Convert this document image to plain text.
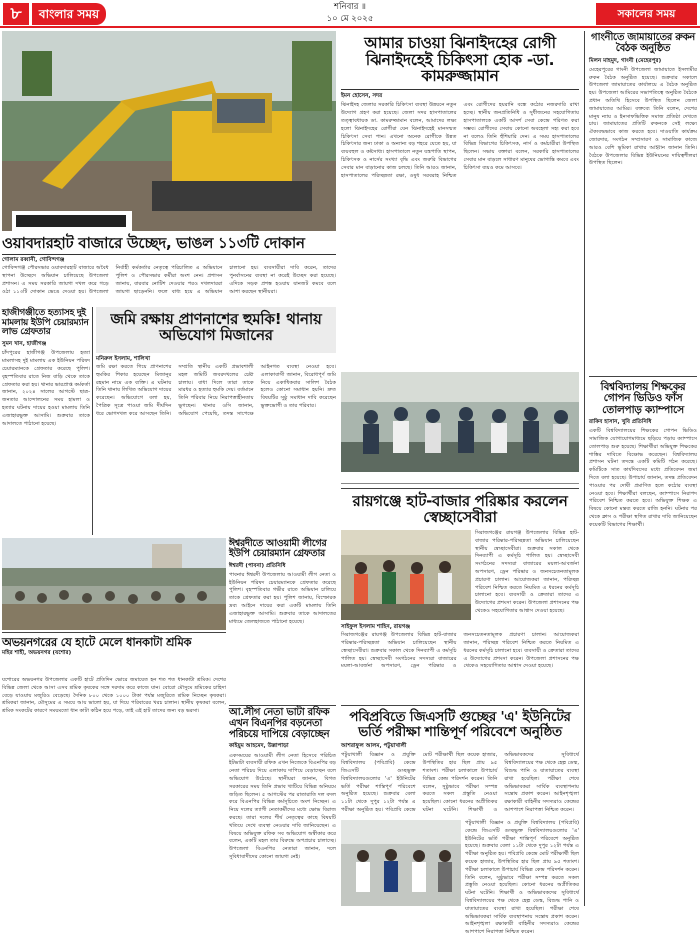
৮	বাংলার সময়	শনিবার ॥
১০ মে ২০২৫	সকালের সময়
আমার চাওয়া ঝিনাইদহের রোগী ঝিনাইদহেই চিকিৎসা হোক -ডা. কামরুজ্জামান
ইমন হোসেন, সদর
ঝিনাইদহ জেলার সরকারি চিকিৎসা ব্যবস্থা উন্নয়নে নতুন উদ্যোগ গ্রহণ করা হয়েছে। জেলা সদর হাসপাতালের তত্ত্বাবধায়ক ডা. কামরুজ্জামান বলেন, আমাদের লক্ষ্য হলো ঝিনাইদহের রোগীরা যেন ঝিনাইদহেই মানসম্মত চিকিৎসা সেবা পান। এখনো অনেক রোগীকে উন্নত চিকিৎসার জন্য ঢাকা ও অন্যান্য বড় শহরে যেতে হয়, যা ব্যয়বহুল ও কষ্টসাধ্য। হাসপাতালে নতুন যন্ত্রপাতি স্থাপন, চিকিৎসক ও নার্সের সংখ্যা বৃদ্ধি এবং জরুরি বিভাগের সেবার মান বাড়ানোর কাজ চলছে। তিনি আরও জানান, হাসপাতালের পরিচ্ছন্নতা রক্ষা, ওষুধ সরবরাহ নিশ্চিত এবং রোগীদের হয়রানি বন্ধে কঠোর নজরদারি রাখা হচ্ছে। স্থানীয় জনপ্রতিনিধি ও সুধীজনের সহযোগিতায় হাসপাতালকে একটি আদর্শ সেবা কেন্দ্রে পরিণত করা সম্ভব। রোগীদের সেবায় কোনো অবহেলা সহ্য করা হবে না বলেও তিনি হুঁশিয়ারি দেন। এ সময় হাসপাতালের বিভিন্ন বিভাগের চিকিৎসক, নার্স ও কর্মচারীরা উপস্থিত ছিলেন। সভায় বক্তারা বলেন, সরকারি হাসপাতালের সেবার মান বাড়লে সাধারণ মানুষের ভোগান্তি কমবে এবং চিকিৎসা ব্যয়ও কমে আসবে।

গাংনীতে জামায়াতের রুকন বৈঠক অনুষ্ঠিত
মিলন মাহমুদ, গাংনী (মেহেরপুর)
মেহেরপুরের গাংনী উপজেলা জামায়াতে ইসলামীর রুকন বৈঠক অনুষ্ঠিত হয়েছে। শুক্রবার সকালে উপজেলা জামায়াতের কার্যালয়ে এ বৈঠক অনুষ্ঠিত হয়। উপজেলা আমিরের সভাপতিত্বে অনুষ্ঠিত বৈঠকে প্রধান অতিথি হিসেবে উপস্থিত ছিলেন জেলা জামায়াতের আমির। বক্তব্যে তিনি বলেন, দেশের মানুষ ন্যায় ও ইনসাফভিত্তিক সমাজ প্রতিষ্ঠা দেখতে চায়। জামায়াতের প্রতিটি রুকনকে সেই লক্ষ্যে ঐক্যবদ্ধভাবে কাজ করতে হবে। দাওয়াতি কার্যক্রম জোরদার, সংগঠন সম্প্রসারণ ও সামাজিক কাজে আরও বেশি ভূমিকা রাখার আহ্বান জানান তিনি। বৈঠকে উপজেলার বিভিন্ন ইউনিয়নের দায়িত্বশীলরা উপস্থিত ছিলেন।
বিশ্ববিদ্যালয় শিক্ষকের গোপন ভিডিও ফাঁস তোলপাড় ক্যাম্পাসে
রাকিব হাসান, খুবি প্রতিনিধি
একটি বিশ্ববিদ্যালয়ের শিক্ষকের গোপন ভিডিও সামাজিক যোগাযোগমাধ্যমে ছড়িয়ে পড়ায় ক্যাম্পাসে তোলপাড় শুরু হয়েছে। শিক্ষার্থীরা অভিযুক্ত শিক্ষকের শাস্তির দাবিতে বিক্ষোভ করেছেন। বিশ্ববিদ্যালয় প্রশাসন ঘটনা তদন্তে একটি কমিটি গঠন করেছে। কমিটিকে সাত কার্যদিবসের মধ্যে প্রতিবেদন জমা দিতে বলা হয়েছে। উপাচার্য জানান, তদন্ত প্রতিবেদন পাওয়ার পর দোষী প্রমাণিত হলে কঠোর ব্যবস্থা নেওয়া হবে। শিক্ষার্থীরা বলছেন, ক্যাম্পাসে নিরাপদ পরিবেশ নিশ্চিত করতে হবে। অভিযুক্ত শিক্ষক এ বিষয়ে কোনো মন্তব্য করতে রাজি হননি। ঘটনার পর থেকে ক্লাস ও পরীক্ষা স্থগিত রাখার দাবি জানিয়েছেন কয়েকটি বিভাগের শিক্ষার্থী।
ওয়াবদারহাট বাজারে উচ্ছেদ, ভাঙল ১১৩টি দোকান
গোলাম রব্বানী, গোবিন্দগঞ্জ
গোবিন্দগঞ্জ পৌরসভার ওয়াবদারহাট বাজারে অবৈধ স্থাপনা উচ্ছেদে অভিযান চালিয়েছে উপজেলা প্রশাসন। এ সময় সরকারি জায়গা দখল করে গড়ে ওঠা ১১৩টি দোকান ভেঙে দেওয়া হয়। উপজেলা নির্বাহী কর্মকর্তার নেতৃত্বে পরিচালিত এ অভিযানে পুলিশ ও পৌরসভার কর্মীরা অংশ নেন। প্রশাসন জানায়, বারবার নোটিশ দেওয়ার পরও দখলদাররা জায়গা ছাড়েননি। ফলে বাধ্য হয়ে এ অভিযান চালানো হয়। ব্যবসায়ীরা দাবি করেন, তাদের পুনর্বাসনের ব্যবস্থা না করেই উচ্ছেদ করা হয়েছে। এদিকে সড়ক প্রশস্ত হওয়ায় যানজট কমবে বলে আশা করছেন স্থানীয়রা।
হাজীগঞ্জীতে হত্যাসহ দুই মামলায় ইউপি চেয়ারম্যান লাভ গ্রেফতার
সুমন খান, হাজীগঞ্জ
চাঁদপুরের হাজীগঞ্জ উপজেলায় হত্যা মামলাসহ দুই মামলায় এক ইউনিয়ন পরিষদ চেয়ারম্যানকে গ্রেফতার করেছে পুলিশ। বৃহস্পতিবার রাতে নিজ বাড়ি থেকে তাকে গ্রেফতার করা হয়। থানার ভারপ্রাপ্ত কর্মকর্তা জানান, ২০২৪ সালের আগস্টে ছাত্র-জনতার আন্দোলনের সময় হামলা ও হত্যার ঘটনায় দায়ের হওয়া মামলায় তিনি এজাহারভুক্ত আসামি। শুক্রবার তাকে আদালতে পাঠানো হয়েছে।
জমি রক্ষায় প্রাণনাশের হুমকি! থানায় অভিযোগ মিজানের
মনিরুল ইসলাম, শালিখা
জমি রক্ষা করতে গিয়ে প্রাণনাশের হুমকির শিকার হয়েছেন মিজানুর রহমান নামে এক ব্যক্তি। এ ঘটনায় তিনি থানায় লিখিত অভিযোগ দায়ের করেছেন। অভিযোগে বলা হয়, পৈত্রিক সূত্রে পাওয়া জমি দীর্ঘদিন ধরে ভোগদখল করে আসছেন তিনি। সম্প্রতি স্থানীয় একটি প্রভাবশালী মহল জমিটি জবরদখলের চেষ্টা চালায়। বাধা দিলে তারা তাকে মারধর ও হত্যার হুমকি দেয়। বর্তমানে তিনি পরিবার নিয়ে নিরাপত্তাহীনতায় ভুগছেন। থানার ওসি জানান, অভিযোগ পেয়েছি, তদন্ত সাপেক্ষে আইনগত ব্যবস্থা নেওয়া হবে। এলাকাবাসী জানান, বিরোধপূর্ণ জমি নিয়ে একাধিকবার সালিশ বৈঠক হলেও কোনো সমাধান হয়নি। দ্রুত বিষয়টির সুষ্ঠু সমাধান দাবি করেছেন ভুক্তভোগী ও তার পরিবার।
রায়গঞ্জে হাট-বাজার পরিষ্কার করলেন স্বেচ্ছাসেবীরা
সাইফুল ইসলাম শাহিন, রায়গঞ্জ
সিরাজগঞ্জের রায়গঞ্জ উপজেলার বিভিন্ন হাট-বাজার পরিষ্কার-পরিচ্ছন্নতা অভিযান চালিয়েছেন স্থানীয় স্বেচ্ছাসেবীরা। শুক্রবার সকাল থেকে দিনব্যাপী এ কর্মসূচি পালিত হয়। স্বেচ্ছাসেবী সংগঠনের সদস্যরা বাজারের ময়লা-আবর্জনা অপসারণ, ড্রেন পরিষ্কার ও জনসচেতনতামূলক প্রচারণা চালান। আয়োজকরা জানান, পরিচ্ছন্ন পরিবেশ নিশ্চিত করতে নিয়মিত এ ধরনের কর্মসূচি চালানো হবে। ব্যবসায়ী ও ক্রেতারা তাদের এ উদ্যোগের প্রশংসা করেন। উপজেলা প্রশাসনের পক্ষ থেকেও সহযোগিতার আশ্বাস দেওয়া হয়েছে।
সিরাজগঞ্জের রায়গঞ্জ উপজেলার বিভিন্ন হাট-বাজার পরিষ্কার-পরিচ্ছন্নতা অভিযান চালিয়েছেন স্থানীয় স্বেচ্ছাসেবীরা। শুক্রবার সকাল থেকে দিনব্যাপী এ কর্মসূচি পালিত হয়। স্বেচ্ছাসেবী সংগঠনের সদস্যরা বাজারের ময়লা-আবর্জনা অপসারণ, ড্রেন পরিষ্কার ও জনসচেতনতামূলক প্রচারণা চালান। আয়োজকরা জানান, পরিচ্ছন্ন পরিবেশ নিশ্চিত করতে নিয়মিত এ ধরনের কর্মসূচি চালানো হবে। ব্যবসায়ী ও ক্রেতারা তাদের এ উদ্যোগের প্রশংসা করেন। উপজেলা প্রশাসনের পক্ষ থেকেও সহযোগিতার আশ্বাস দেওয়া হয়েছে।
ঈশ্বরদীতে আওয়ামী লীগের ইউপি চেয়ারম্যান গ্রেফতার
ঈশ্বরদী (পাবনা) প্রতিনিধি
পাবনার ঈশ্বরদী উপজেলায় আওয়ামী লীগ নেতা ও ইউনিয়ন পরিষদ চেয়ারম্যানকে গ্রেফতার করেছে পুলিশ। বৃহস্পতিবার গভীর রাতে অভিযান চালিয়ে তাকে গ্রেফতার করা হয়। পুলিশ জানায়, বিস্ফোরক দ্রব্য আইনে দায়ের করা একটি মামলায় তিনি এজাহারভুক্ত আসামি। শুক্রবার তাকে আদালতের মাধ্যমে জেলহাজতে পাঠানো হয়েছে।
অভয়নগরের যে হাটে মেলে ধানকাটা শ্রমিক
মহির শাহী, অভয়নগর (যশোর)
যশোরের অভয়নগর উপজেলার একটি হাটে প্রতিদিন ভোরে জমায়েত হন শত শত ধানকাটা শ্রমিক। দেশের বিভিন্ন জেলা থেকে আসা এসব শ্রমিক কৃষকের সঙ্গে দরদাম করে কাজে যান। বোরো মৌসুমে শ্রমিকের চাহিদা বেড়ে যাওয়ায় মজুরিও বেড়েছে। দৈনিক ৮০০ থেকে ১০০০ টাকা পর্যন্ত মজুরিতে শ্রমিক নিচ্ছেন কৃষকরা। শ্রমিকরা জানান, মৌসুমের এ সময়ে আয় ভালো হয়, যা দিয়ে পরিবারের খরচ চালান। স্থানীয় কৃষকরা বলেন, শ্রমিক সংকটের কারণে সময়মতো ধান কাটা কঠিন হয়ে পড়ে, তাই এই হাট তাদের জন্য বড় ভরসা।	আ.লীগ নেতা ভাটা রফিক এখন বিএনপির বড়নেতা পরিচয়ে দাপিয়ে বেড়াচ্ছেন
কাইয়ুম আহমেদ, উল্লাপাড়া
একসময়ের আওয়ামী লীগ নেতা হিসেবে পরিচিত ইটভাটা ব্যবসায়ী রফিক এখন নিজেকে বিএনপির বড় নেতা পরিচয় দিয়ে এলাকায় দাপিয়ে বেড়াচ্ছেন বলে অভিযোগ উঠেছে। স্থানীয়রা জানান, বিগত সরকারের সময় তিনি প্রভাব খাটিয়ে বিভিন্ন অনিয়মে জড়িত ছিলেন। ৫ আগস্টের পর রাতারাতি দল বদল করে বিএনপির বিভিন্ন কর্মসূচিতে অংশ নিচ্ছেন। এ নিয়ে দলের ত্যাগী নেতাকর্মীদের মধ্যে ক্ষোভ বিরাজ করছে। তারা দলের শীর্ষ নেতৃত্বের কাছে বিষয়টি খতিয়ে দেখে ব্যবস্থা নেওয়ার দাবি জানিয়েছেন। এ বিষয়ে অভিযুক্ত রফিক সব অভিযোগ অস্বীকার করে বলেন, একটি মহল তার বিরুদ্ধে অপপ্রচার চালাচ্ছে। উপজেলা বিএনপির নেতারা জানান, দলে সুবিধাবাদীদের কোনো জায়গা নেই।
পবিপ্রবিতে জিএসটি গুচ্ছের 'এ' ইউনিটের ভর্তি পরীক্ষা শান্তিপূর্ণ পরিবেশে অনুষ্ঠিত
আশরাফুল আলম, পটুয়াখালী
পটুয়াখালী বিজ্ঞান ও প্রযুক্তি বিশ্ববিদ্যালয় (পবিপ্রবি) কেন্দ্রে জিএসটি গুচ্ছভুক্ত বিশ্ববিদ্যালয়গুলোর 'এ' ইউনিটের ভর্তি পরীক্ষা শান্তিপূর্ণ পরিবেশে অনুষ্ঠিত হয়েছে। শুক্রবার বেলা ১১টা থেকে দুপুর ১২টা পর্যন্ত এ পরীক্ষা অনুষ্ঠিত হয়। পবিপ্রবি কেন্দ্রে মোট পরীক্ষার্থী ছিল কয়েক হাজার, উপস্থিতির হার ছিল প্রায় ৯৫ শতাংশ। পরীক্ষা চলাকালে উপাচার্য বিভিন্ন কেন্দ্র পরিদর্শন করেন। তিনি বলেন, সুষ্ঠুভাবে পরীক্ষা সম্পন্ন করতে সকল প্রস্তুতি নেওয়া হয়েছিল। কোনো ধরনের অপ্রীতিকর ঘটনা ঘটেনি। শিক্ষার্থী ও অভিভাবকদের সুবিধার্থে বিশ্ববিদ্যালয়ের পক্ষ থেকে হেল্প ডেস্ক, বিশুদ্ধ পানি ও যাতায়াতের ব্যবস্থা রাখা হয়েছিল। পরীক্ষা শেষে অভিভাবকরা সার্বিক ব্যবস্থাপনায় সন্তোষ প্রকাশ করেন। আইনশৃঙ্খলা রক্ষাকারী বাহিনীর সদস্যরাও কেন্দ্রের আশপাশে নিরাপত্তা নিশ্চিত করেন।
পটুয়াখালী বিজ্ঞান ও প্রযুক্তি বিশ্ববিদ্যালয় (পবিপ্রবি) কেন্দ্রে জিএসটি গুচ্ছভুক্ত বিশ্ববিদ্যালয়গুলোর 'এ' ইউনিটের ভর্তি পরীক্ষা শান্তিপূর্ণ পরিবেশে অনুষ্ঠিত হয়েছে। শুক্রবার বেলা ১১টা থেকে দুপুর ১২টা পর্যন্ত এ পরীক্ষা অনুষ্ঠিত হয়। পবিপ্রবি কেন্দ্রে মোট পরীক্ষার্থী ছিল কয়েক হাজার, উপস্থিতির হার ছিল প্রায় ৯৫ শতাংশ। পরীক্ষা চলাকালে উপাচার্য বিভিন্ন কেন্দ্র পরিদর্শন করেন। তিনি বলেন, সুষ্ঠুভাবে পরীক্ষা সম্পন্ন করতে সকল প্রস্তুতি নেওয়া হয়েছিল। কোনো ধরনের অপ্রীতিকর ঘটনা ঘটেনি। শিক্ষার্থী ও অভিভাবকদের সুবিধার্থে বিশ্ববিদ্যালয়ের পক্ষ থেকে হেল্প ডেস্ক, বিশুদ্ধ পানি ও যাতায়াতের ব্যবস্থা রাখা হয়েছিল। পরীক্ষা শেষে অভিভাবকরা সার্বিক ব্যবস্থাপনায় সন্তোষ প্রকাশ করেন। আইনশৃঙ্খলা রক্ষাকারী বাহিনীর সদস্যরাও কেন্দ্রের আশপাশে নিরাপত্তা নিশ্চিত করেন।
